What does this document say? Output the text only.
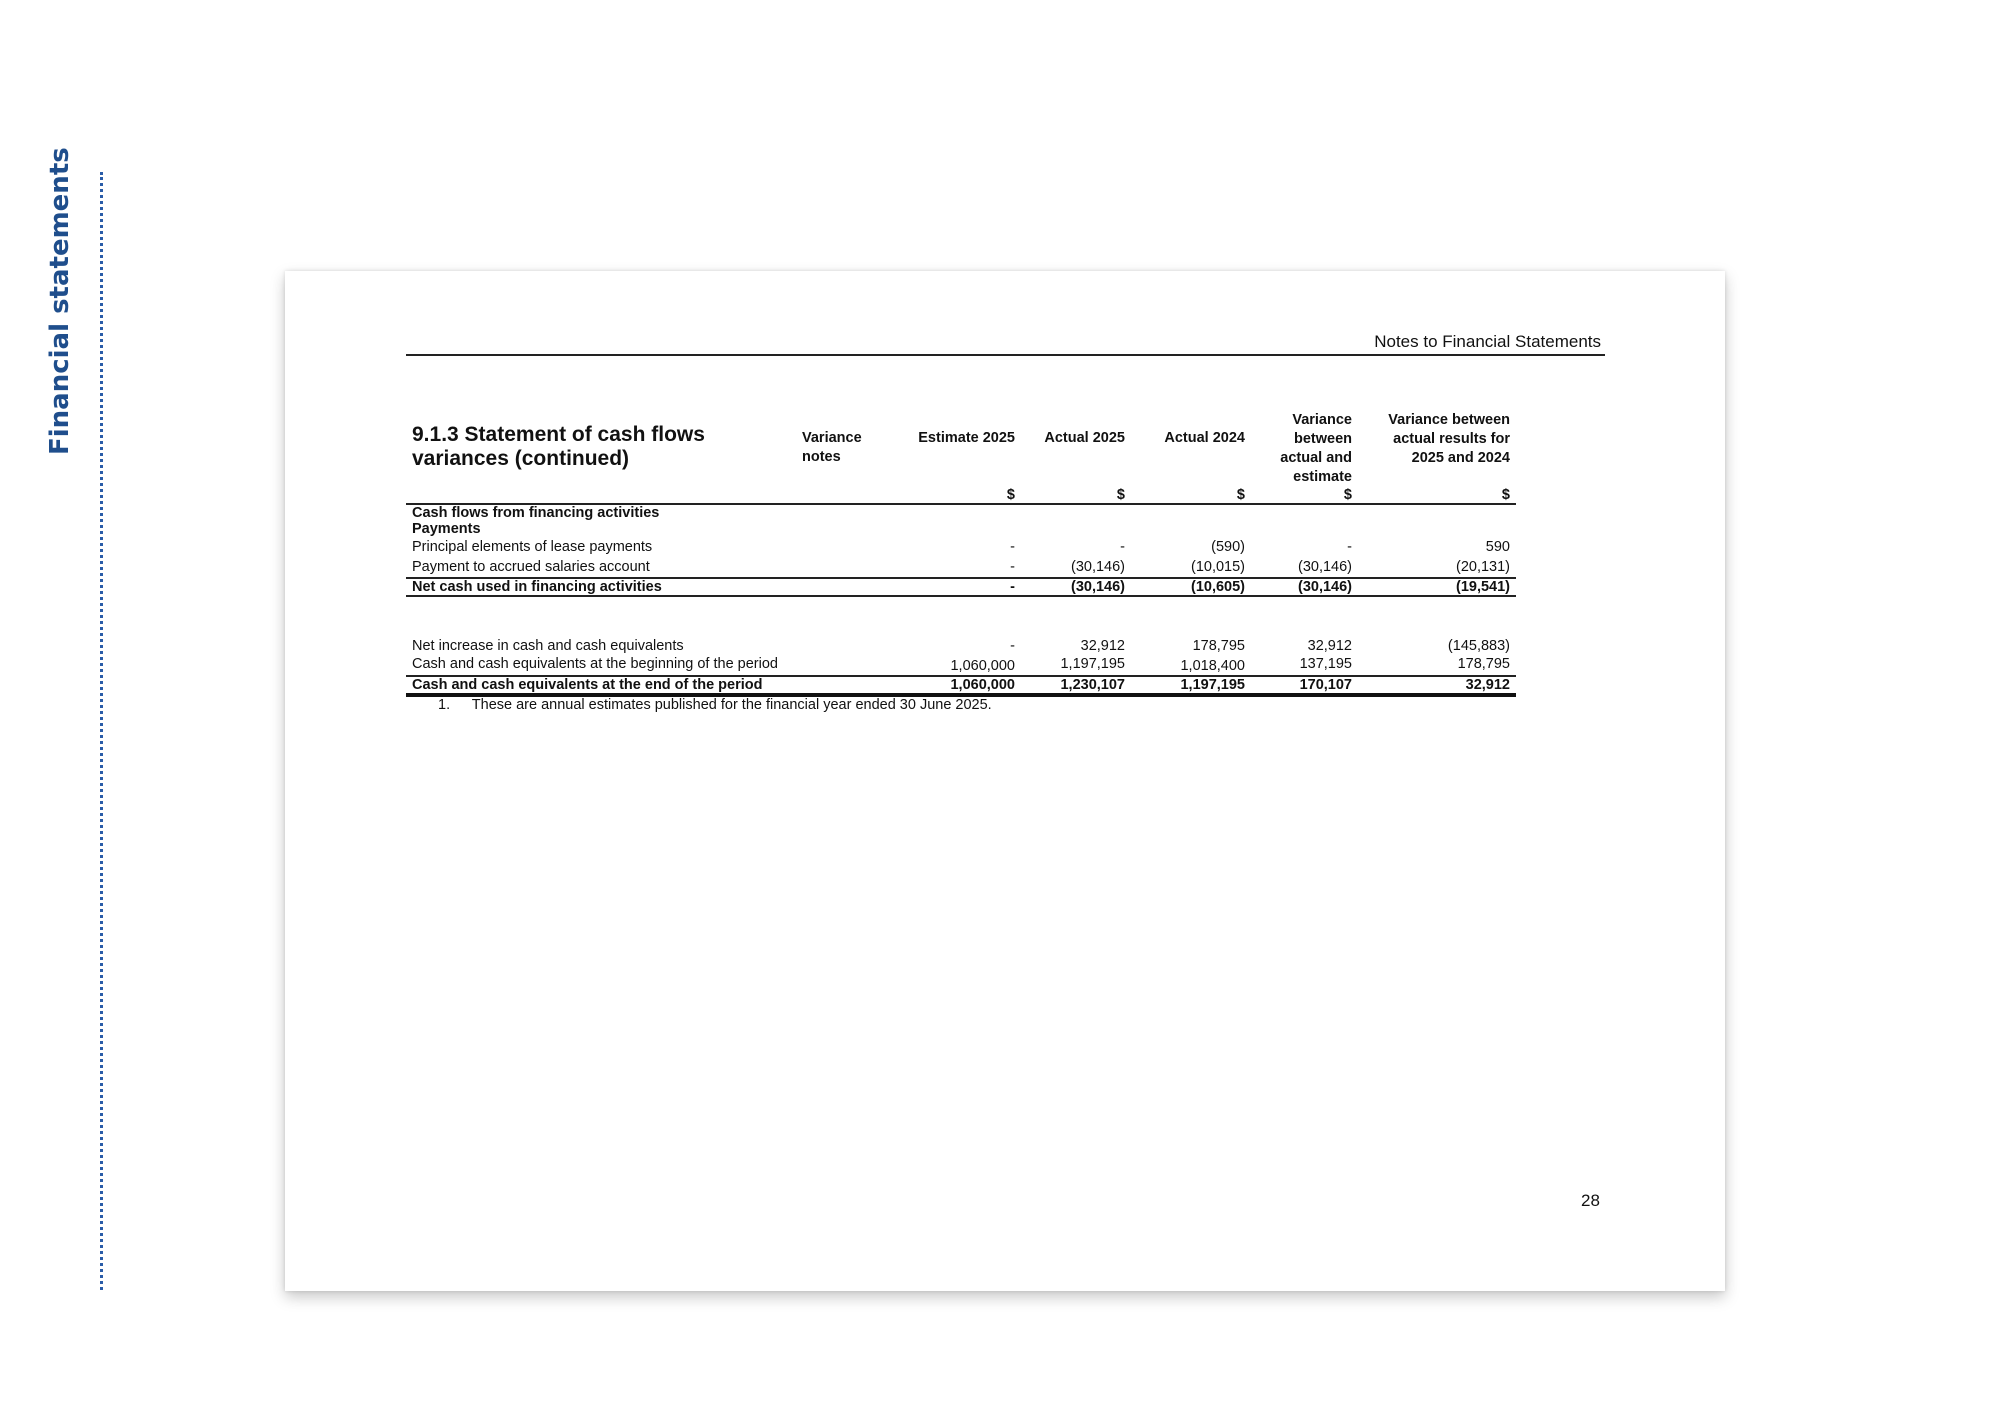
Financial statements	Notes to Financial Statements
9.1.3 Statement of cash flows variances (continued)	Variance notes	Estimate 2025	Actual 2025	Actual 2024	Variance between actual and estimate	Variance between actual results for 2025 and 2024
		$	$	$	$	$
Cash flows from financing activities						
Payments						
Principal elements of lease payments		-	-	(590)	-	590
Payment to accrued salaries account		-	(30,146)	(10,015)	(30,146)	(20,131)
Net cash used in financing activities		-	(30,146)	(10,605)	(30,146)	(19,541)

Net increase in cash and cash equivalents		-	32,912	178,795	32,912	(145,883)
Cash and cash equivalents at the beginning of the period		1,060,000	1,197,195	1,018,400	137,195	178,795
Cash and cash equivalents at the end of the period		1,060,000	1,230,107	1,197,195	170,107	32,912
1. These are annual estimates published for the financial year ended 30 June 2025.						
28
